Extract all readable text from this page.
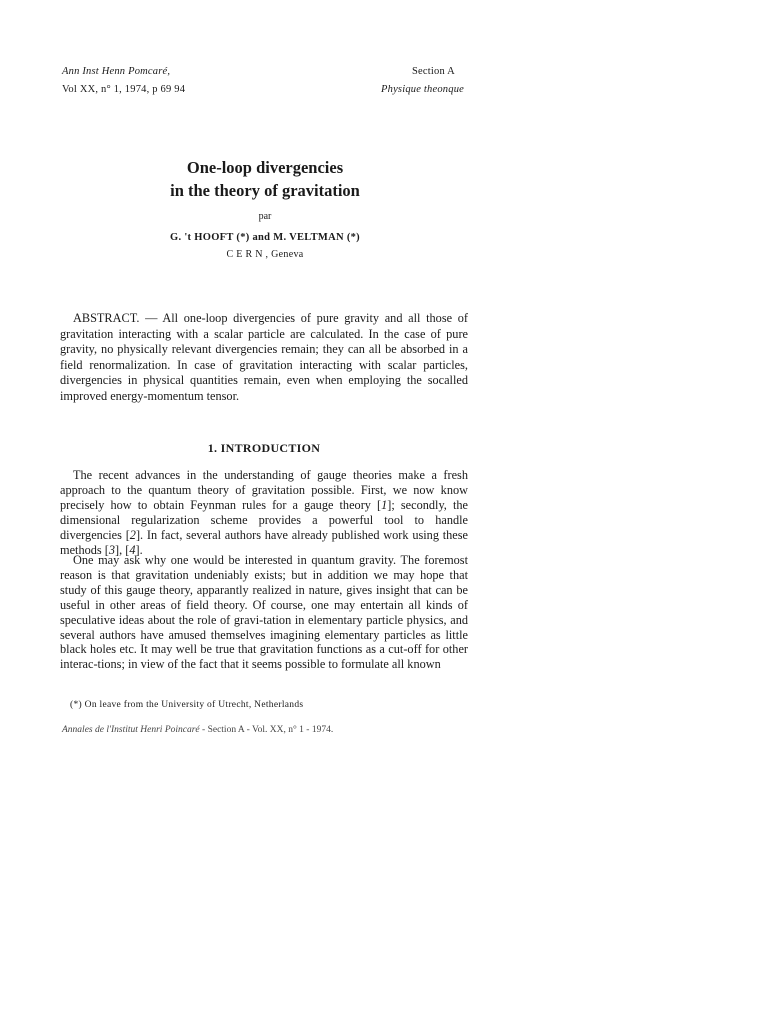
Ann Inst Henn Pomcaré,	Section A
Vol XX, n° 1, 1974, p 69 94	Physique theonque
One-loop divergencies
in the theory of gravitation
par
G. 't HOOFT (*) and M. VELTMAN (*)
C E R N , Geneva

ABSTRACT. — All one-loop divergencies of pure gravity and all those of gravitation interacting with a scalar particle are calculated. In the case of pure gravity, no physically relevant divergencies remain; they can all be absorbed in a field renormalization. In case of gravitation interacting with scalar particles, divergencies in physical quantities remain, even when employing the socalled improved energy-momentum tensor.

1. INTRODUCTION

The recent advances in the understanding of gauge theories make a fresh approach to the quantum theory of gravitation possible. First, we now know precisely how to obtain Feynman rules for a gauge theory [1]; secondly, the dimensional regularization scheme provides a powerful tool to handle divergencies [2]. In fact, several authors have already published work using these methods [3], [4].

One may ask why one would be interested in quantum gravity. The foremost reason is that gravitation undeniably exists; but in addition we may hope that study of this gauge theory, apparantly realized in nature, gives insight that can be useful in other areas of field theory. Of course, one may entertain all kinds of speculative ideas about the role of gravi-tation in elementary particle physics, and several authors have amused themselves imagining elementary particles as little black holes etc. It may well be true that gravitation functions as a cut-off for other interac-tions; in view of the fact that it seems possible to formulate all known

(*) On leave from the University of Utrecht, Netherlands
Annales de l'Institut Henri Poincaré - Section A - Vol. XX, n° 1 - 1974.
